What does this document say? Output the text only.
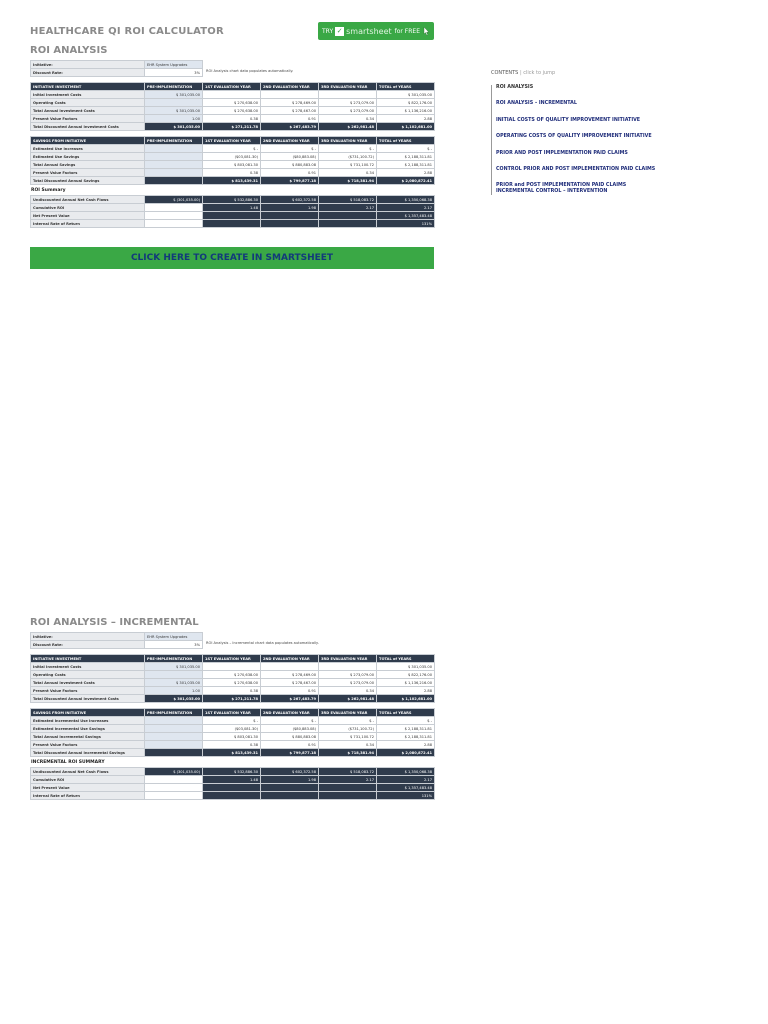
HEALTHCARE QI ROI CALCULATOR	TRY ✓ smartsheet for FREE
ROI ANALYSIS
Initiative:	EHR System Upgrades
Discount Rate:	3%	ROI Analysis chart data populates automatically.
INITIATIVE INVESTMENT	PRE-IMPLEMENTATION	1ST EVALUATION YEAR	2ND EVALUATION YEAR	3RD EVALUATION YEAR	TOTAL of YEARS
Initial Investment Costs	$ 301,035.00				$ 301,035.00

Operating Costs		$ 270,638.00	$ 278,469.00	$ 273,079.00	$ 822,176.00

Total Annual Investment Costs	$ 301,035.00	$ 270,638.00	$ 278,467.00	$ 273,079.00	$ 1,136,216.00

Present Value Factors	1.00	0.38	0.91	0.34	2.88

Total Discounted Annual Investment Costs	$ 301,035.00	$ 271,211.78	$ 267,483.79	$ 262,981.48	$ 1,102,681.00
SAVINGS FROM INITIATIVE	PRE-IMPLEMENTATION	1ST EVALUATION YEAR	2ND EVALUATION YEAR	3RD EVALUATION YEAR	TOTAL of YEARS
Estimated Use Increases		$ -	$ -	$ -	$ -

Estimated Use Savings		($03,081.30)	($80,883.08)	($731,100.72)	$ 2,188,311.81

Total Annual Savings		$ 803,081.30	$ 880,883.08	$ 731,100.72	$ 2,188,311.81

Present Value Factors		0.38	0.91	0.34	2.88

Total Discounted Annual Savings		$ 813,439.31	$ 799,877.18	$ 718,381.94	$ 2,080,872.41
ROI Summary
Undiscounted Annual Net Cash Flows	$ (301,035.00)	$ 532,886.30	$ 602,372.58	$ 518,083.72	$ 1,350,068.38

Cumulative ROI		1.48	1.98	2.17	2.17

Net Present Value					$ 1,357,483.48

Internal Rate of Return					131%
CLICK HERE TO CREATE IN SMARTSHEET
CONTENTS | click to jump
ROI ANALYSIS
ROI ANALYSIS – INCREMENTAL
INITIAL COSTS OF QUALITY IMPROVEMENT INITIATIVE
OPERATING COSTS OF QUALITY IMPROVEMENT INITIATIVE
PRIOR AND POST IMPLEMENTATION PAID CLAIMS
CONTROL PRIOR AND POST IMPLEMENTATION PAID CLAIMS
PRIOR and POST IMPLEMENTATION PAID CLAIMS
INCREMENTAL CONTROL – INTERVENTION
ROI ANALYSIS – INCREMENTAL
Initiative:	EHR System Upgrades
Discount Rate:	3%	ROI Analysis – Incremental chart data populates automatically.
INITIATIVE INVESTMENT	PRE-IMPLEMENTATION	1ST EVALUATION YEAR	2ND EVALUATION YEAR	3RD EVALUATION YEAR	TOTAL of YEARS
Initial Investment Costs	$ 301,035.00				$ 301,035.00

Operating Costs		$ 270,638.00	$ 278,469.00	$ 273,079.00	$ 822,176.00

Total Annual Investment Costs	$ 301,035.00	$ 270,638.00	$ 278,467.00	$ 273,079.00	$ 1,136,216.00

Present Value Factors	1.00	0.38	0.91	0.34	2.88

Total Discounted Annual Investment Costs	$ 301,035.00	$ 271,211.78	$ 267,483.79	$ 262,981.48	$ 1,102,681.00
SAVINGS FROM INITIATIVE	PRE-IMPLEMENTATION	1ST EVALUATION YEAR	2ND EVALUATION YEAR	3RD EVALUATION YEAR	TOTAL of YEARS
Estimated Incremental Use Increases		$ -	$ -	$ -	$ -

Estimated Incremental Use Savings		($03,081.30)	($80,883.08)	($731,100.72)	$ 2,188,311.81

Total Annual Incremental Savings		$ 803,081.30	$ 880,883.08	$ 731,100.72	$ 2,188,311.81

Present Value Factors		0.38	0.91	0.34	2.88

Total Discounted Annual Incremental Savings		$ 813,439.31	$ 799,877.18	$ 718,381.94	$ 2,080,872.41
INCREMENTAL ROI SUMMARY
Undiscounted Annual Net Cash Flows	$ (301,035.00)	$ 532,886.30	$ 602,372.58	$ 518,083.72	$ 1,350,068.38

Cumulative ROI		1.48	1.98	2.17	2.17

Net Present Value					$ 1,357,483.48

Internal Rate of Return					131%
